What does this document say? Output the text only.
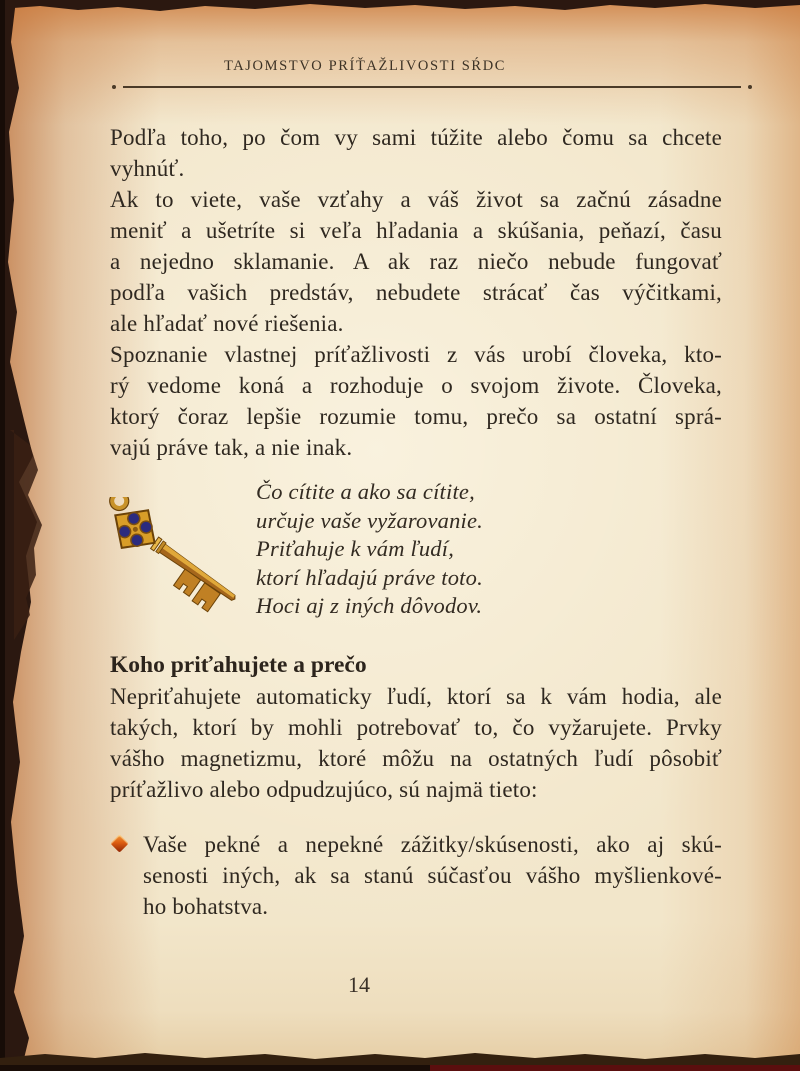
TAJOMSTVO PRÍŤAŽLIVOSTI SŔDC
Podľa toho, po čom vy sami túžite alebo čomu sa chcete
vyhnúť.
Ak to viete, vaše vzťahy a váš život sa začnú zásadne
meniť a ušetríte si veľa hľadania a skúšania, peňazí, času
a nejedno sklamanie. A ak raz niečo nebude fungovať
podľa vašich predstáv, nebudete strácať čas výčitkami,
ale hľadať nové riešenia.
Spoznanie vlastnej príťažlivosti z vás urobí človeka, kto-
rý vedome koná a rozhoduje o svojom živote. Človeka,
ktorý čoraz lepšie rozumie tomu, prečo sa ostatní sprá-
vajú práve tak, a nie inak.
Čo cítite a ako sa cítite,
určuje vaše vyžarovanie.
Priťahuje k vám ľudí,
ktorí hľadajú práve toto.
Hoci aj z iných dôvodov.
Koho priťahujete a prečo
Nepriťahujete automaticky ľudí, ktorí sa k vám hodia, ale
takých, ktorí by mohli potrebovať to, čo vyžarujete. Prvky
vášho magnetizmu, ktoré môžu na ostatných ľudí pôsobiť
príťažlivo alebo odpudzujúco, sú najmä tieto:
Vaše pekné a nepekné zážitky/skúsenosti, ako aj skú-
senosti iných, ak sa stanú súčasťou vášho myšlienkové-
ho bohatstva.
14
